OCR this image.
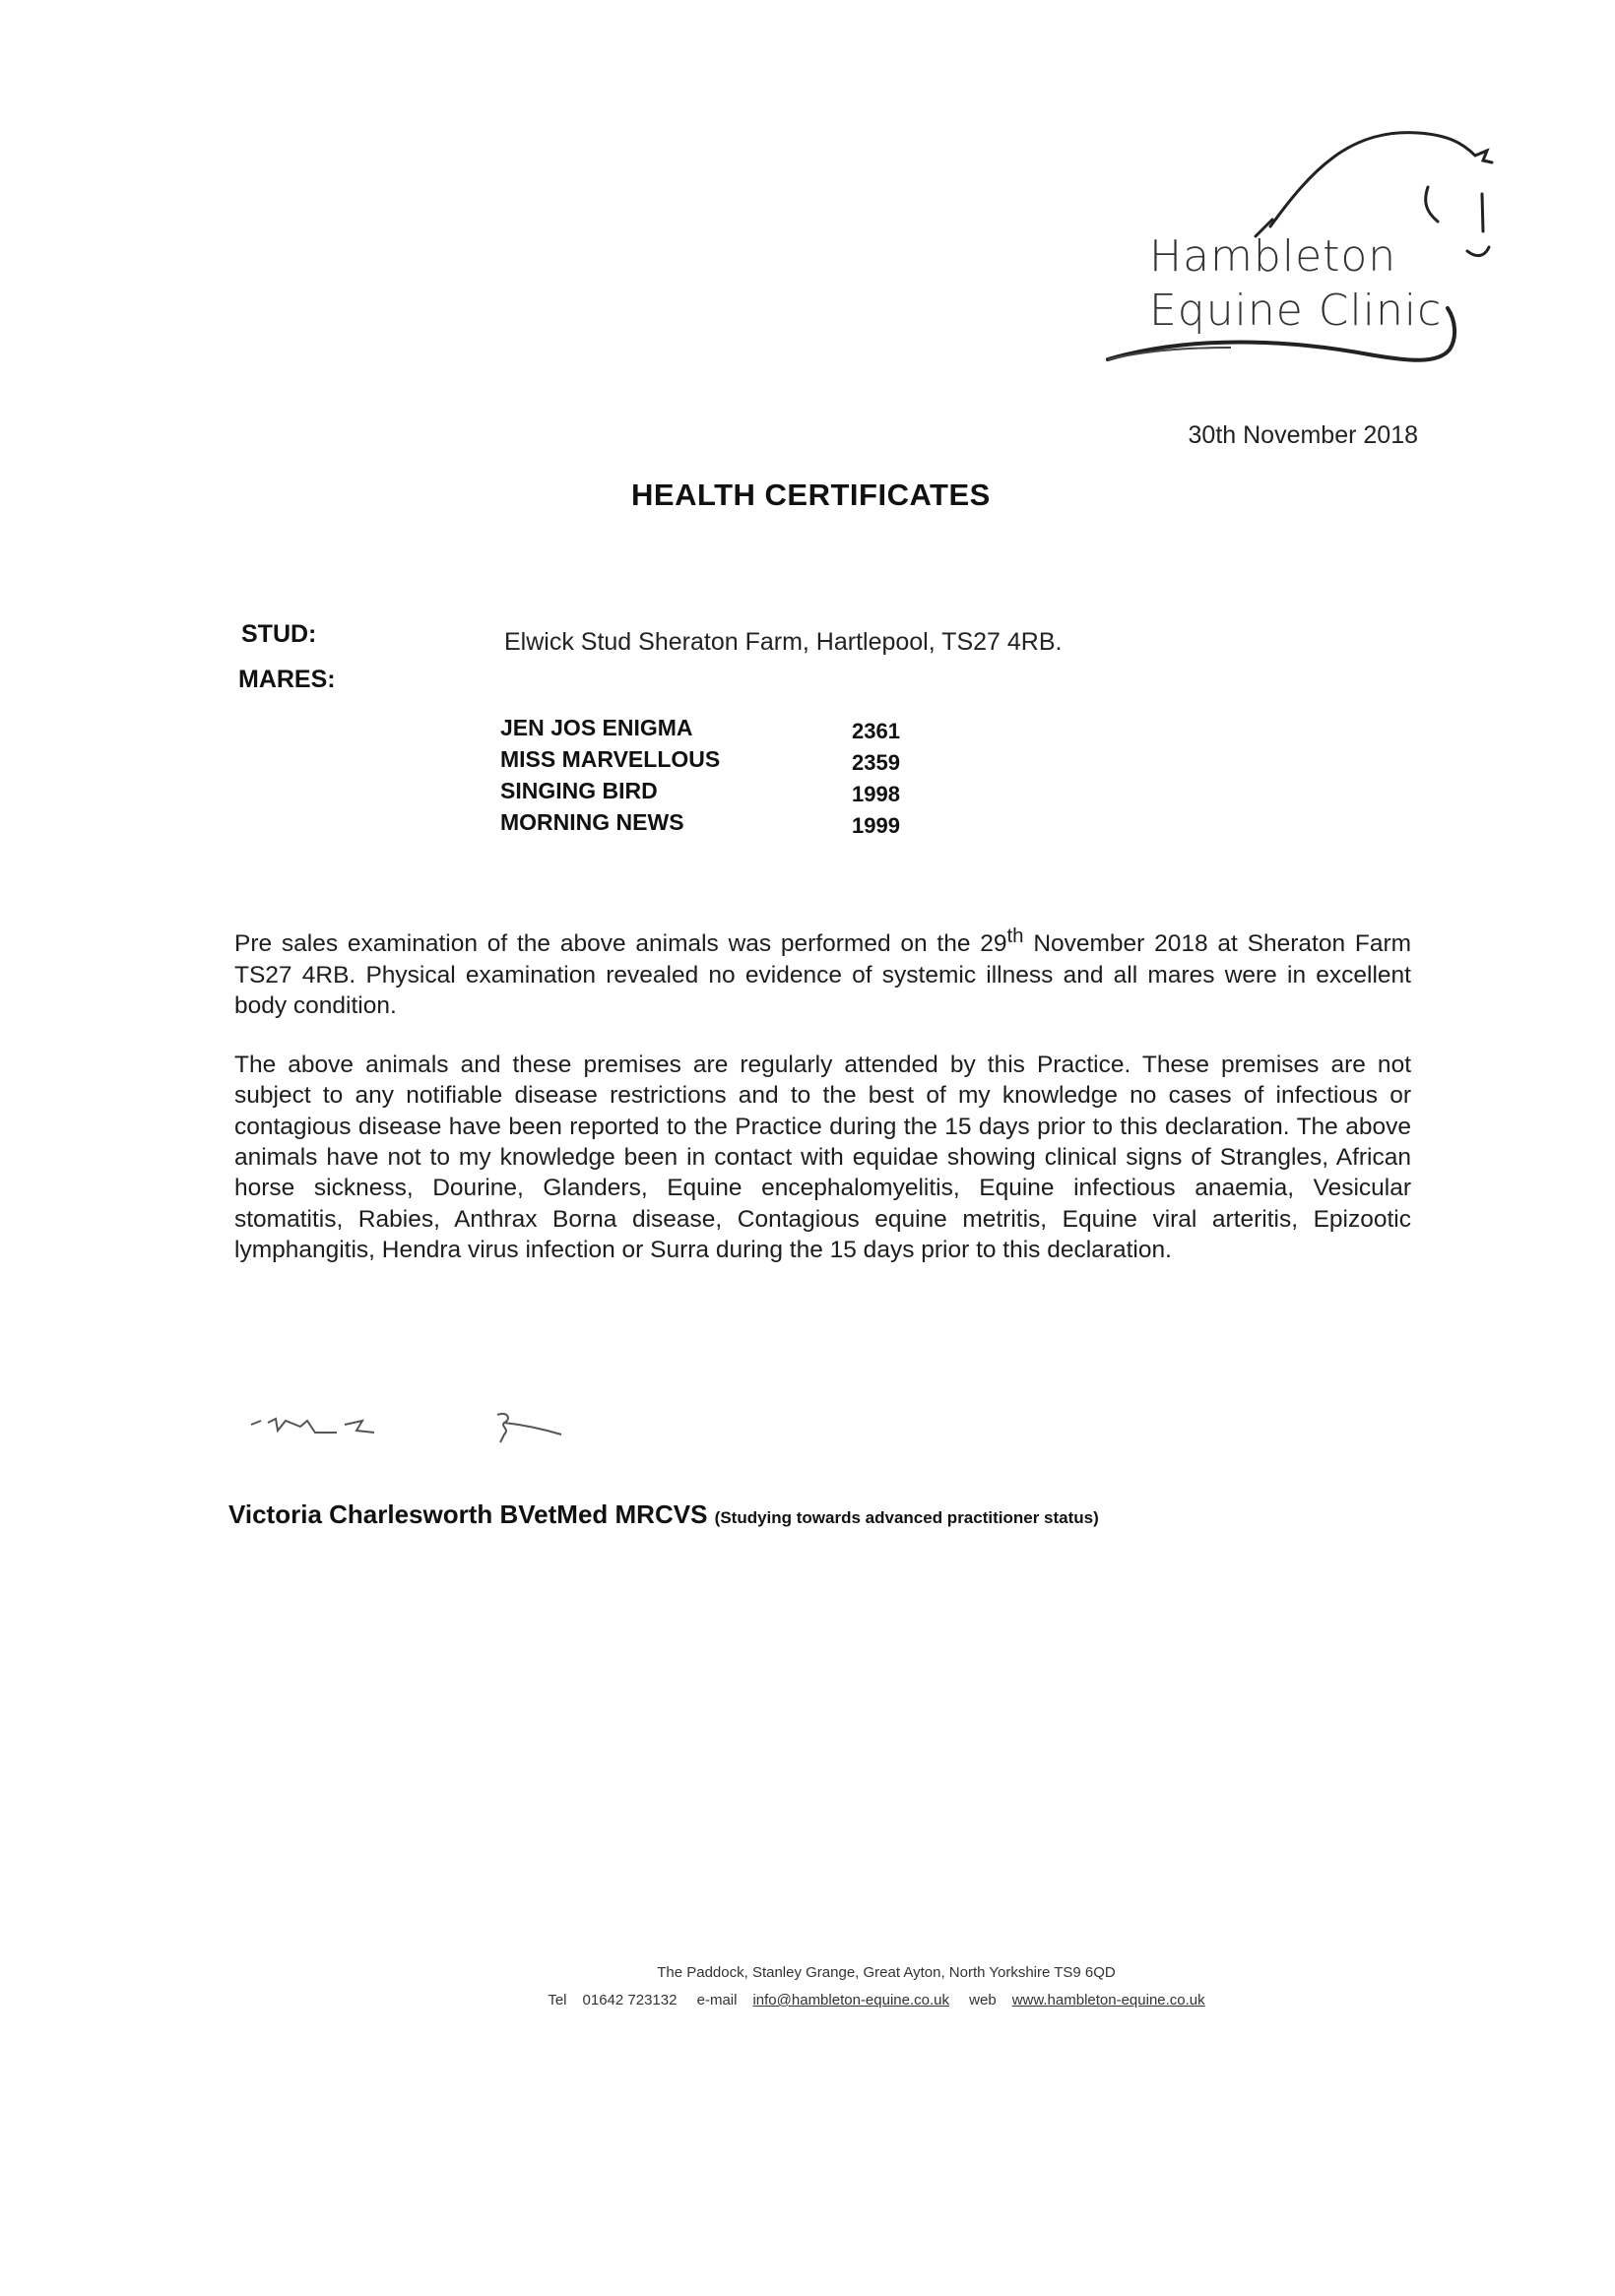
Hambleton
Equine Clinic
30th November 2018
HEALTH CERTIFICATES
STUD:	Elwick Stud Sheraton Farm, Hartlepool, TS27 4RB.
MARES:
JEN JOS ENIGMA	2361
MISS MARVELLOUS	2359
SINGING BIRD	1998
MORNING NEWS	1999
Pre sales examination of the above animals was performed on the 29th November 2018 at Sheraton Farm TS27 4RB. Physical examination revealed no evidence of systemic illness and all mares were in excellent body condition.
The above animals and these premises are regularly attended by this Practice. These premises are not subject to any notifiable disease restrictions and to the best of my knowledge no cases of infectious or contagious disease have been reported to the Practice during the 15 days prior to this declaration. The above animals have not to my knowledge been in contact with equidae showing clinical signs of Strangles, African horse sickness, Dourine, Glanders, Equine encephalomyelitis, Equine infectious anaemia, Vesicular stomatitis, Rabies, Anthrax Borna disease, Contagious equine metritis, Equine viral arteritis, Epizootic lymphangitis, Hendra virus infection or Surra during the 15 days prior to this declaration.
Victoria Charlesworth BVetMed MRCVS (Studying towards advanced practitioner status)
The Paddock, Stanley Grange, Great Ayton, North Yorkshire TS9 6QD
Tel 01642 723132 e-mail info@hambleton-equine.co.uk web www.hambleton-equine.co.uk
